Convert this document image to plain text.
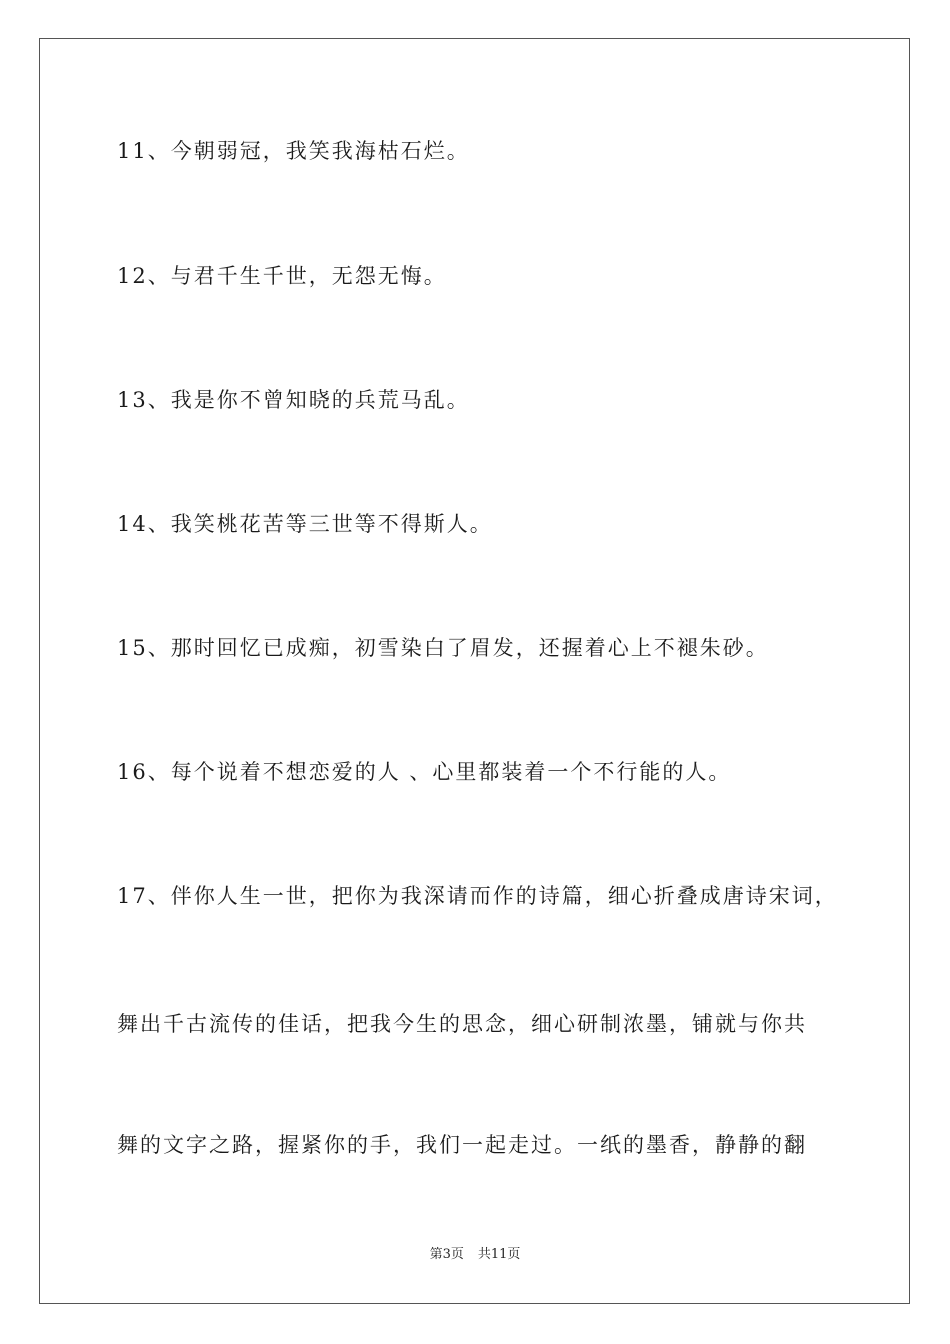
11、今朝弱冠，我笑我海枯石烂。
12、与君千生千世，无怨无悔。
13、我是你不曾知晓的兵荒马乱。
14、我笑桃花苦等三世等不得斯人。
15、那时回忆已成痴，初雪染白了眉发，还握着心上不褪朱砂。
16、每个说着不想恋爱的人 、心里都装着一个不行能的人。
17、伴你人生一世，把你为我深请而作的诗篇，细心折叠成唐诗宋词，
舞出千古流传的佳话，把我今生的思念，细心研制浓墨，铺就与你共
舞的文字之路，握紧你的手，我们一起走过。一纸的墨香，静静的翻
第3页 共11页
